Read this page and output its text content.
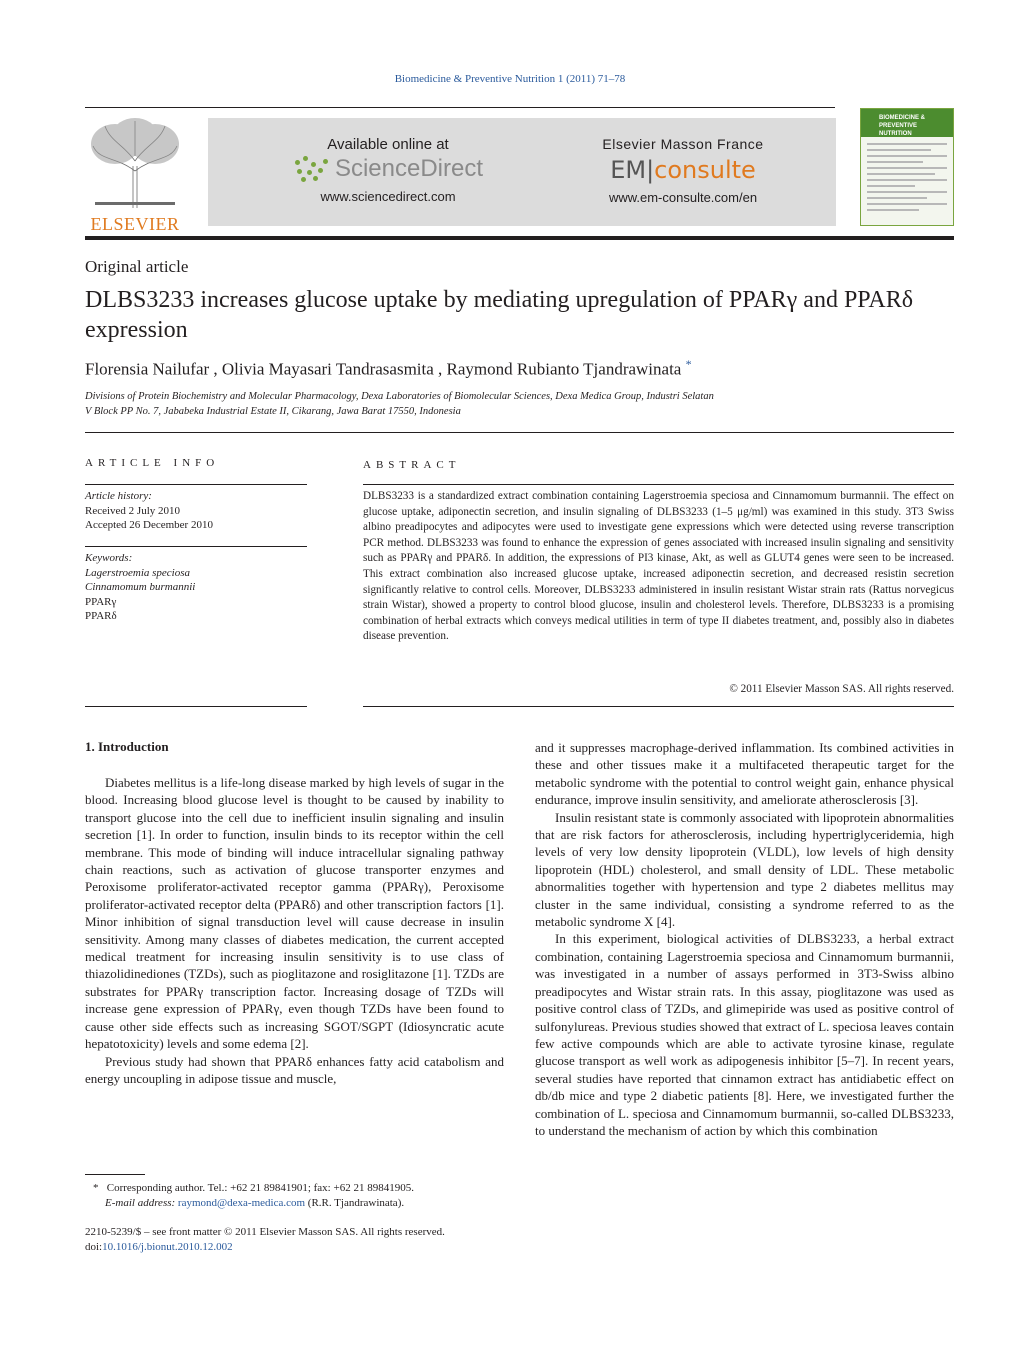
Biomedicine & Preventive Nutrition 1 (2011) 71–78
ELSEVIER
Available online at
ScienceDirect
www.sciencedirect.com
Elsevier Masson France
EM|consulte
www.em-consulte.com/en
BIOMEDICINE & PREVENTIVE NUTRITION
Original article
DLBS3233 increases glucose uptake by mediating upregulation of PPARγ and PPARδ expression
Florensia Nailufar , Olivia Mayasari Tandrasasmita , Raymond Rubianto Tjandrawinata *
Divisions of Protein Biochemistry and Molecular Pharmacology, Dexa Laboratories of Biomolecular Sciences, Dexa Medica Group, Industri Selatan
V Block PP No. 7, Jababeka Industrial Estate II, Cikarang, Jawa Barat 17550, Indonesia
ARTICLE INFO
Article history:
Received 2 July 2010
Accepted 26 December 2010
Keywords:
Lagerstroemia speciosa
Cinnamomum burmannii
PPARγ
PPARδ
ABSTRACT
DLBS3233 is a standardized extract combination containing Lagerstroemia speciosa and Cinnamomum burmannii. The effect on glucose uptake, adiponectin secretion, and insulin signaling of DLBS3233 (1–5 μg/ml) was examined in this study. 3T3 Swiss albino preadipocytes and adipocytes were used to investigate gene expressions which were detected using reverse transcription PCR method. DLBS3233 was found to enhance the expression of genes associated with increased insulin signaling and sensitivity such as PPARγ and PPARδ. In addition, the expressions of PI3 kinase, Akt, as well as GLUT4 genes were seen to be increased. This extract combination also increased glucose uptake, increased adiponectin secretion, and decreased resistin secretion significantly relative to control cells. Moreover, DLBS3233 administered in insulin resistant Wistar strain rats (Rattus norvegicus strain Wistar), showed a property to control blood glucose, insulin and cholesterol levels. Therefore, DLBS3233 is a promising combination of herbal extracts which conveys medical utilities in term of type II diabetes treatment, and, possibly also in diabetes disease prevention.
© 2011 Elsevier Masson SAS. All rights reserved.
1. Introduction

Diabetes mellitus is a life-long disease marked by high levels of sugar in the blood. Increasing blood glucose level is thought to be caused by inability to transport glucose into the cell due to inefficient insulin signaling and insulin secretion [1]. In order to function, insulin binds to its receptor within the cell membrane. This mode of binding will induce intracellular signaling pathway chain reactions, such as activation of glucose transporter enzymes and Peroxisome proliferator-activated receptor gamma (PPARγ), Peroxisome proliferator-activated receptor delta (PPARδ) and other transcription factors [1]. Minor inhibition of signal transduction level will cause decrease in insulin sensitivity. Among many classes of diabetes medication, the current accepted medical treatment for increasing insulin sensitivity is to use class of thiazolidinediones (TZDs), such as pioglitazone and rosiglitazone [1]. TZDs are substrates for PPARγ transcription factor. Increasing dosage of TZDs will increase gene expression of PPARγ, even though TZDs have been found to cause other side effects such as increasing SGOT/SGPT (Idiosyncratic acute hepatotoxicity) levels and some edema [2].

Previous study had shown that PPARδ enhances fatty acid catabolism and energy uncoupling in adipose tissue and muscle,

and it suppresses macrophage-derived inflammation. Its combined activities in these and other tissues make it a multifaceted therapeutic target for the metabolic syndrome with the potential to control weight gain, enhance physical endurance, improve insulin sensitivity, and ameliorate atherosclerosis [3].

Insulin resistant state is commonly associated with lipoprotein abnormalities that are risk factors for atherosclerosis, including hypertriglyceridemia, high levels of very low density lipoprotein (VLDL), low levels of high density lipoprotein (HDL) cholesterol, and small density of LDL. These metabolic abnormalities together with hypertension and type 2 diabetes mellitus may cluster in the same individual, consisting a syndrome referred to as the metabolic syndrome X [4].

In this experiment, biological activities of DLBS3233, a herbal extract combination, containing Lagerstroemia speciosa and Cinnamomum burmannii, was investigated in a number of assays performed in 3T3-Swiss albino preadipocytes and Wistar strain rats. In this assay, pioglitazone was used as positive control class of TZDs, and glimepiride was used as positive control of sulfonylureas. Previous studies showed that extract of L. speciosa leaves contain few active compounds which are able to activate tyrosine kinase, regulate glucose transport as well work as adipogenesis inhibitor [5–7]. In recent years, several studies have reported that cinnamon extract has antidiabetic effect on db/db mice and type 2 diabetic patients [8]. Here, we investigated further the combination of L. speciosa and Cinnamomum burmannii, so-called DLBS3233, to understand the mechanism of action by which this combination

* Corresponding author. Tel.: +62 21 89841901; fax: +62 21 89841905.
E-mail address: raymond@dexa-medica.com (R.R. Tjandrawinata).
2210-5239/$ – see front matter © 2011 Elsevier Masson SAS. All rights reserved.
doi:10.1016/j.bionut.2010.12.002
